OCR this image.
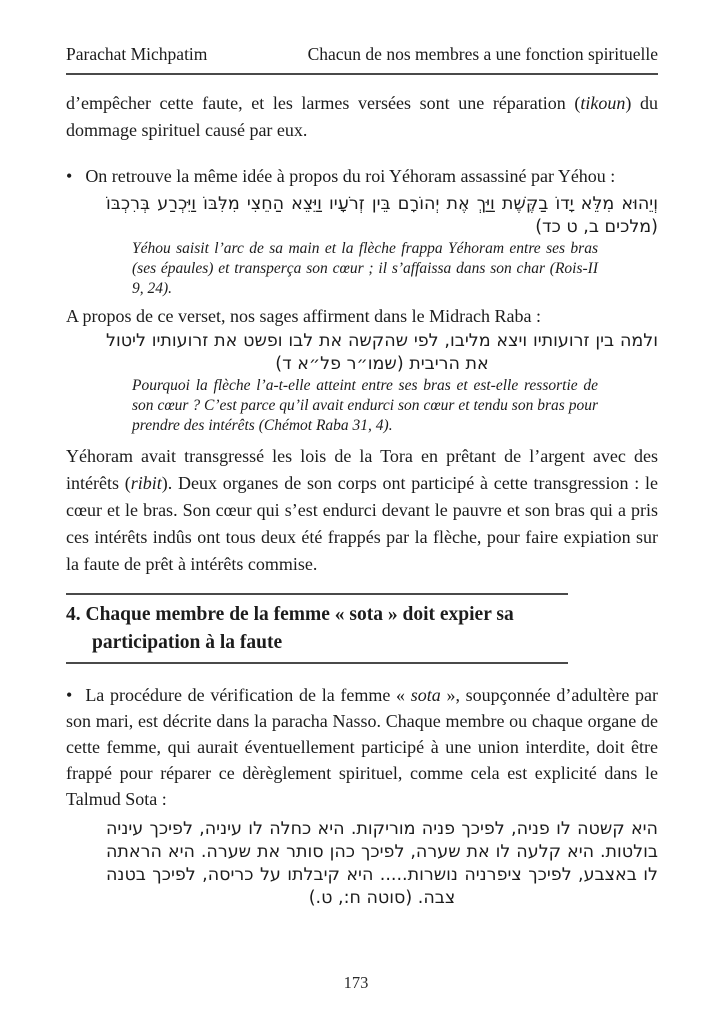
Parachat Michpatim	Chacun de nos membres a une fonction spirituelle

d’empêcher cette faute, et les larmes versées sont une réparation (tikoun) du dommage spirituel causé par eux.

• On retrouve la même idée à propos du roi Yéhoram assassiné par Yéhou :

וְיֵהוּא מִלֵּא יָדוֹ בַקֶּשֶׁת וַיַּךְ אֶת יְהוֹרָם בֵּין זְרֹעָיו וַיֵּצֵא הַחֵצִי מִלִּבּוֹ וַיִּכְרַע בְּרִכְבּוֹ (מלכים ב, ט כד)

Yéhou saisit l’arc de sa main et la flèche frappa Yéhoram entre ses bras (ses épaules) et transperça son cœur ; il s’affaissa dans son char (Rois-II 9, 24).

A propos de ce verset, nos sages affirment dans le Midrach Raba :

ולמה בין זרועותיו ויצא מליבו, לפי שהקשה את לבו ופשט את זרועותיו ליטול את הריבית (שמו״ר פל״א ד)

Pourquoi la flèche l’a-t-elle atteint entre ses bras et est-elle ressortie de son cœur ? C’est parce qu’il avait endurci son cœur et tendu son bras pour prendre des intérêts (Chémot Raba 31, 4).

Yéhoram avait transgressé les lois de la Tora en prêtant de l’argent avec des intérêts (ribit). Deux organes de son corps ont participé à cette transgression : le cœur et le bras. Son cœur qui s’est endurci devant le pauvre et son bras qui a pris ces intérêts indûs ont tous deux été frappés par la flèche, pour faire expiation sur la faute de prêt à intérêts commise.

4. Chaque membre de la femme « sota » doit expier sa participation à la faute

• La procédure de vérification de la femme « sota », soupçonnée d’adultère par son mari, est décrite dans la paracha Nasso. Chaque membre ou chaque organe de cette femme, qui aurait éventuellement participé à une union interdite, doit être frappé pour réparer ce dèrèglement spirituel, comme cela est explicité dans le Talmud Sota :

היא קשטה לו פניה, לפיכך פניה מוריקות. היא כחלה לו עיניה, לפיכך עיניה בולטות. היא קלעה לו את שערה, לפיכך כהן סותר את שערה. היא הראתה לו באצבע, לפיכך ציפרניה נושרות..... היא קיבלתו על כריסה, לפיכך בטנה צבה. (סוטה ח:, ט.)

173
